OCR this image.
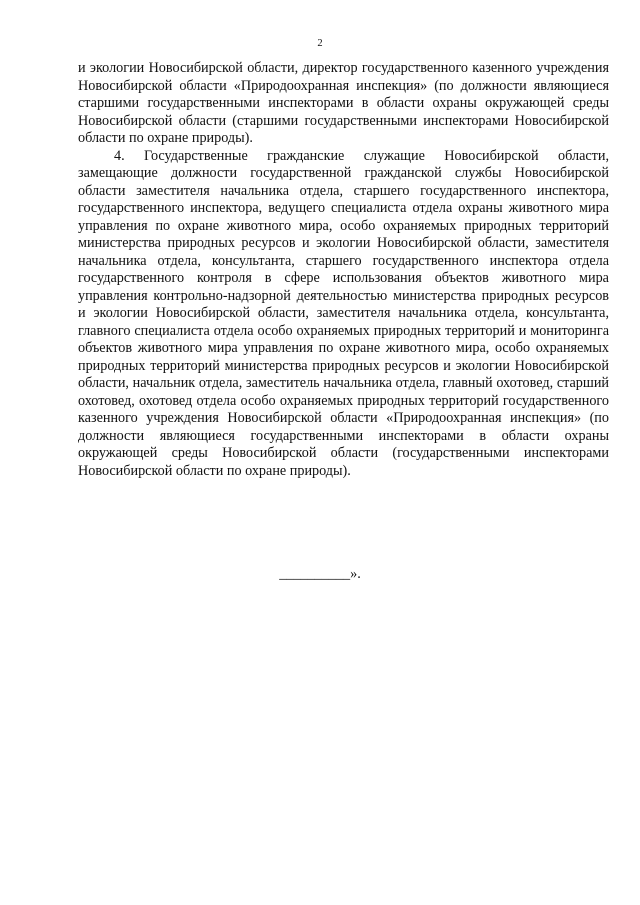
2

и экологии Новосибирской области, директор государственного казенного учреждения Новосибирской области «Природоохранная инспекция» (по должности являющиеся старшими государственными инспекторами в области охраны окружающей среды Новосибирской области (старшими государственными инспекторами Новосибирской области по охране природы).

4. Государственные гражданские служащие Новосибирской области, замещающие должности государственной гражданской службы Новосибирской области заместителя начальника отдела, старшего государственного инспектора, государственного инспектора, ведущего специалиста отдела охраны животного мира управления по охране животного мира, особо охраняемых природных территорий министерства природных ресурсов и экологии Новосибирской области, заместителя начальника отдела, консультанта, старшего государственного инспектора отдела государственного контроля в сфере использования объектов животного мира управления контрольно-надзорной деятельностью министерства природных ресурсов и экологии Новосибирской области, заместителя начальника отдела, консультанта, главного специалиста отдела особо охраняемых природных территорий и мониторинга объектов животного мира управления по охране животного мира, особо охраняемых природных территорий министерства природных ресурсов и экологии Новосибирской области, начальник отдела, заместитель начальника отдела, главный охотовед, старший охотовед, охотовед отдела особо охраняемых природных территорий государственного казенного учреждения Новосибирской области «Природоохранная инспекция» (по должности являющиеся государственными инспекторами в области охраны окружающей среды Новосибирской области (государственными инспекторами Новосибирской области по охране природы).

__________».
